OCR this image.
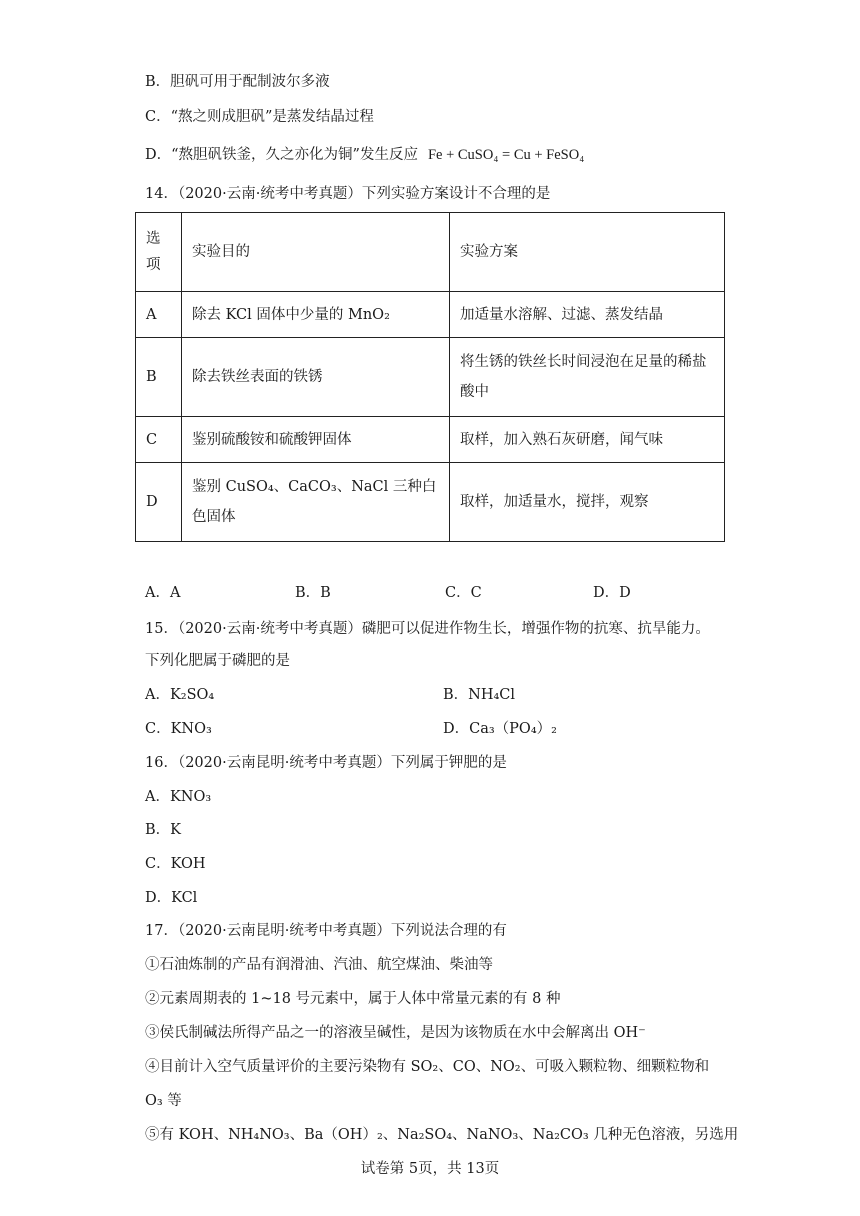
B．胆矾可用于配制波尔多液
C．“熬之则成胆矾”是蒸发结晶过程
D．“熬胆矾铁釜，久之亦化为铜”发生反应 Fe + CuSO₄ = Cu + FeSO₄
14．（2020·云南·统考中考真题）下列实验方案设计不合理的是
选项	实验目的	实验方案
A	除去 KCl 固体中少量的 MnO₂	加适量水溶解、过滤、蒸发结晶
B	除去铁丝表面的铁锈	将生锈的铁丝长时间浸泡在足量的稀盐酸中
C	鉴别硫酸铵和硫酸钾固体	取样，加入熟石灰研磨，闻气味
D	鉴别 CuSO₄、CaCO₃、NaCl 三种白色固体	取样，加适量水，搅拌，观察
A．A	B．B	C．C	D．D
15．（2020·云南·统考中考真题）磷肥可以促进作物生长，增强作物的抗寒、抗旱能力。
下列化肥属于磷肥的是
A．K₂SO₄	B．NH₄Cl
C．KNO₃	D．Ca₃（PO₄）₂
16．（2020·云南昆明·统考中考真题）下列属于钾肥的是
A．KNO₃
B．K
C．KOH
D．KCl
17．（2020·云南昆明·统考中考真题）下列说法合理的有
①石油炼制的产品有润滑油、汽油、航空煤油、柴油等
②元素周期表的 1~18 号元素中，属于人体中常量元素的有 8 种
③侯氏制碱法所得产品之一的溶液呈碱性，是因为该物质在水中会解离出 OH⁻
④目前计入空气质量评价的主要污染物有 SO₂、CO、NO₂、可吸入颗粒物、细颗粒物和
O₃ 等
⑤有 KOH、NH₄NO₃、Ba（OH）₂、Na₂SO₄、NaNO₃、Na₂CO₃ 几种无色溶液，另选用
试卷第 5页，共 13页
